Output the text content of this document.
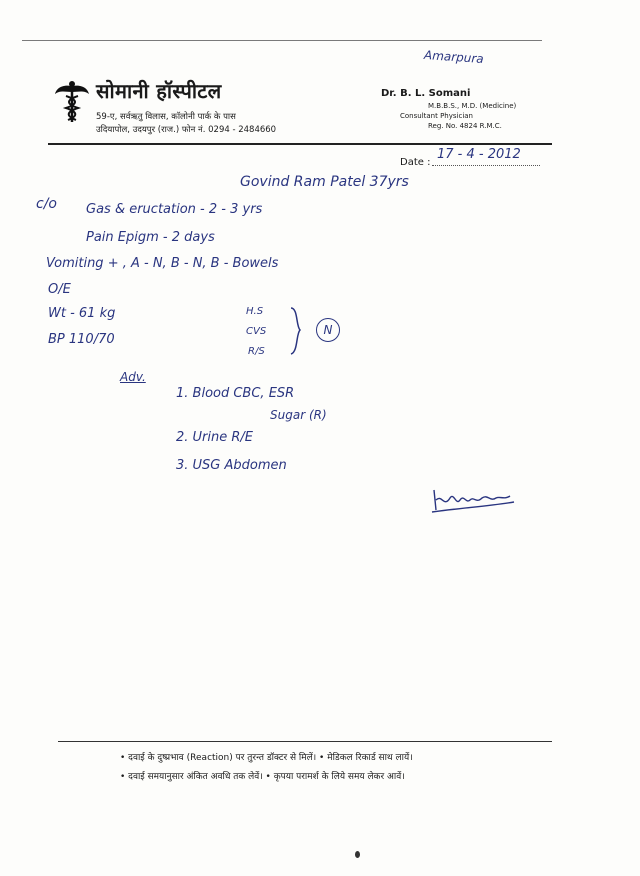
Amarpura
सोमानी हॉस्पीटल
59-ए, सर्वऋतु विलास, कॉलोनी पार्क के पास
उदियापोल, उदयपुर (राज.) फोन नं. 0294 - 2484660
Dr. B. L. Somani
M.B.B.S., M.D. (Medicine)
Consultant Physician
Reg. No. 4824 R.M.C.
Date :
17 - 4 - 2012
Govind Ram Patel 37yrs
c/o Gas & eructation - 2 - 3 yrs
Pain Epigm - 2 days
Vomiting + , A - N, B - N, B - Bowels
O/E
Wt - 61 kg
BP 110/70
H.S
CVS
R/S
N
Adv.
1. Blood CBC, ESR
Sugar (R)
2. Urine R/E
3. USG Abdomen
• दवाई के दुष्प्रभाव (Reaction) पर तुरन्त डॉक्टर से मिलें। • मेडिकल रिकार्ड साथ लायें।
• दवाई समयानुसार अंकित अवधि तक लेवें। • कृपया परामर्श के लिये समय लेकर आवें।
